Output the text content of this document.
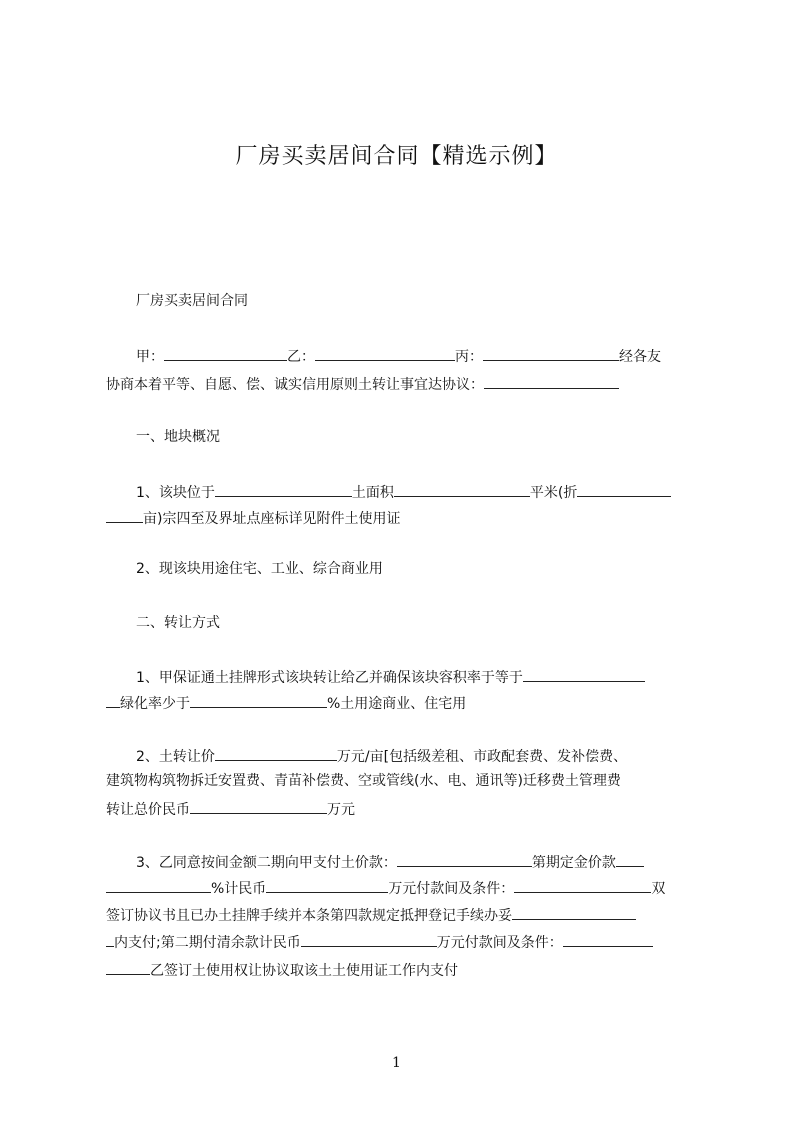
厂房买卖居间合同【精选示例】

厂房买卖居间合同

甲：	乙：	丙：	经各友

协商本着平等、自愿、偿、诚实信用原则土转让事宜达协议：

一、地块概况

1、该块位于	土面积	平米(折

亩)宗四至及界址点座标详见附件土使用证

2、现该块用途住宅、工业、综合商业用

二、转让方式

1、甲保证通土挂牌形式该块转让给乙并确保该块容积率于等于

绿化率少于	%土用途商业、住宅用

2、土转让价	万元/亩[包括级差租、市政配套费、发补偿费、

建筑物构筑物拆迁安置费、青苗补偿费、空或管线(水、电、通讯等)迁移费土管理费

转让总价民币	万元

3、乙同意按间金额二期向甲支付土价款：	第期定金价款

%计民币	万元付款间及条件：	双

签订协议书且已办土挂牌手续并本条第四款规定抵押登记手续办妥

内支付;第二期付清余款计民币	万元付款间及条件：

乙签订土使用权让协议取该土土使用证工作内支付

1
